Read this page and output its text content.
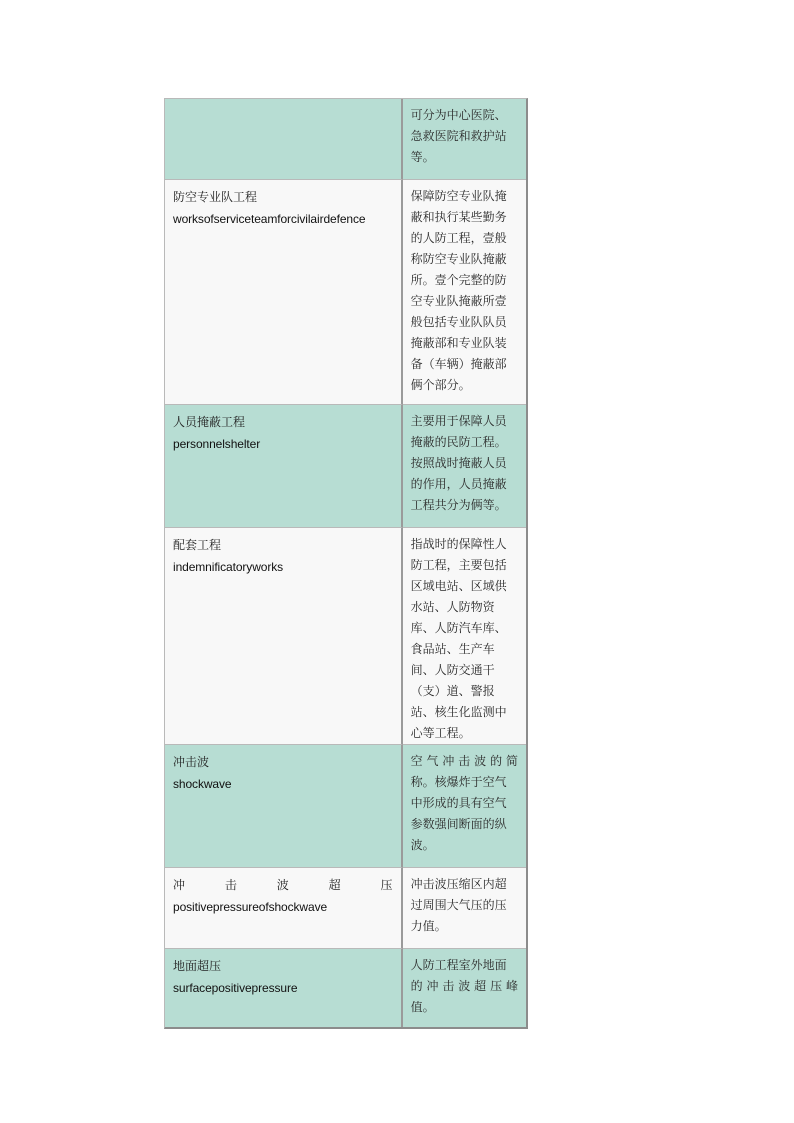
	可分为中心医院、急救医院和救护站等。

防空专业队工程
worksofserviceteamforcivilairdefence	保障防空专业队掩蔽和执行某些勤务的人防工程，壹般称防空专业队掩蔽所。壹个完整的防空专业队掩蔽所壹般包括专业队队员掩蔽部和专业队装备（车辆）掩蔽部俩个部分。

人员掩蔽工程
personnelshelter	主要用于保障人员掩蔽的民防工程。按照战时掩蔽人员的作用，人员掩蔽工程共分为俩等。

配套工程
indemnificatoryworks	指战时的保障性人防工程，主要包括区域电站、区域供水站、人防物资库、人防汽车库、食品站、生产车间、人防交通干（支）道、警报站、核生化监测中心等工程。

冲击波
shockwave	空气冲击波的简
称。核爆炸于空气中形成的具有空气参数强间断面的纵波。

冲击波超压
positivepressureofshockwave	冲击波压缩区内超过周围大气压的压力值。

地面超压
surfacepositivepressure	人防工程室外地面
的冲击波超压峰
值。
